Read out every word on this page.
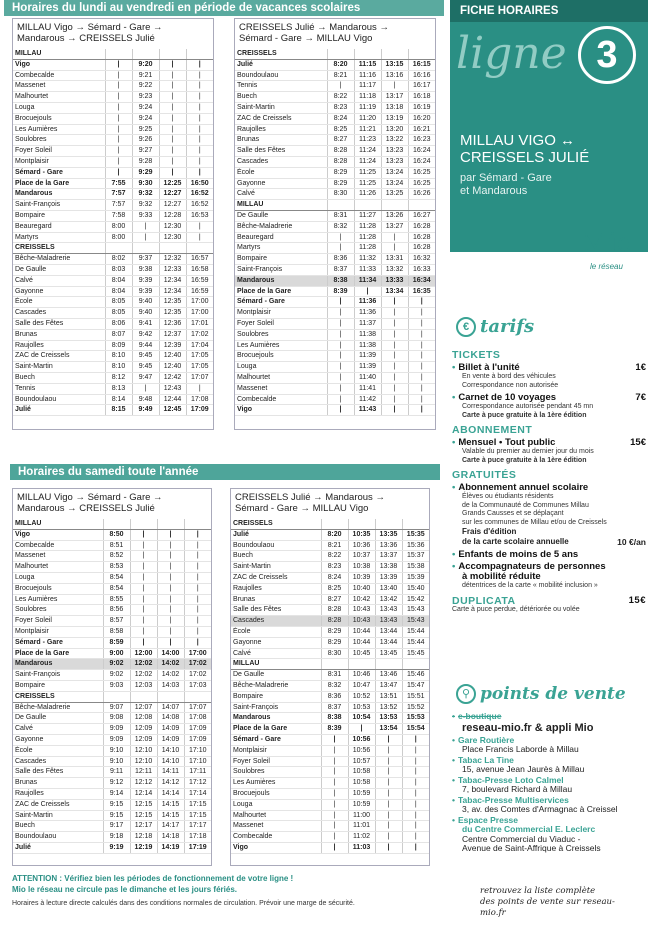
Horaires du lundi au vendredi en période de vacances scolaires
MILLAU Vigo → Sémard - Gare →
Mandarous → CREISSELS Julié
MILLAU				
Vigo	|	9:20	|	|
Combecalde	|	9:21	|	|
Massenet	|	9:22	|	|
Malhourtet	|	9:23	|	|
Louga	|	9:24	|	|
Brocuejouls	|	9:24	|	|
Les Aumières	|	9:25	|	|
Soulobres	|	9:26	|	|
Foyer Soleil	|	9:27	|	|
Montplaisir	|	9:28	|	|
Sémard - Gare	|	9:29	|	|
Place de la Gare	7:55	9:30	12:25	16:50
Mandarous	7:57	9:32	12:27	16:52
Saint-François	7:57	9:32	12:27	16:52
Bompaire	7:58	9:33	12:28	16:53
Beauregard	8:00	|	12:30	|
Martyrs	8:00	|	12:30	|
CREISSELS				
Bêche-Maladrerie	8:02	9:37	12:32	16:57
De Gaulle	8:03	9:38	12:33	16:58
Calvé	8:04	9:39	12:34	16:59
Gayonne	8:04	9:39	12:34	16:59
École	8:05	9:40	12:35	17:00
Cascades	8:05	9:40	12:35	17:00
Salle des Fêtes	8:06	9:41	12:36	17:01
Brunas	8:07	9:42	12:37	17:02
Raujolles	8:09	9:44	12:39	17:04
ZAC de Creissels	8:10	9:45	12:40	17:05
Saint-Martin	8:10	9:45	12:40	17:05
Buech	8:12	9:47	12:42	17:07
Tennis	8:13	|	12:43	|
Boundoulaou	8:14	9:48	12:44	17:08
Julié	8:15	9:49	12:45	17:09
CREISSELS Julié → Mandarous →
Sémard - Gare → MILLAU Vigo
CREISSELS				
Julié	8:20	11:15	13:15	16:15
Boundoulaou	8:21	11:16	13:16	16:16
Tennis	|	11:17	|	16:17
Buech	8:22	11:18	13:17	16:18
Saint-Martin	8:23	11:19	13:18	16:19
ZAC de Creissels	8:24	11:20	13:19	16:20
Raujolles	8:25	11:21	13:20	16:21
Brunas	8:27	11:23	13:22	16:23
Salle des Fêtes	8:28	11:24	13:23	16:24
Cascades	8:28	11:24	13:23	16:24
École	8:29	11:25	13:24	16:25
Gayonne	8:29	11:25	13:24	16:25
Calvé	8:30	11:26	13:25	16:26
MILLAU				
De Gaulle	8:31	11:27	13:26	16:27
Bêche-Maladrerie	8:32	11:28	13:27	16:28
Beauregard	|	11:28	|	16:28
Martyrs	|	11:28	|	16:28
Bompaire	8:36	11:32	13:31	16:32
Saint-François	8:37	11:33	13:32	16:33
Mandarous	8:38	11:34	13:33	16:34
Place de la Gare	8:39	|	13:34	16:35
Sémard - Gare	|	11:36	|	|
Montplaisir	|	11:36	|	|
Foyer Soleil	|	11:37	|	|
Soulobres	|	11:38	|	|
Les Aumières	|	11:38	|	|
Brocuejouls	|	11:39	|	|
Louga	|	11:39	|	|
Malhourtet	|	11:40	|	|
Massenet	|	11:41	|	|
Combecalde	|	11:42	|	|
Vigo	|	11:43	|	|
Horaires du samedi toute l'année
MILLAU Vigo → Sémard - Gare →
Mandarous → CREISSELS Julié
MILLAU				
Vigo	8:50	|	|	|
Combecalde	8:51	|	|	|
Massenet	8:52	|	|	|
Malhourtet	8:53	|	|	|
Louga	8:54	|	|	|
Brocuejouls	8:54	|	|	|
Les Aumières	8:55	|	|	|
Soulobres	8:56	|	|	|
Foyer Soleil	8:57	|	|	|
Montplaisir	8:58	|	|	|
Sémard - Gare	8:59	|	|	|
Place de la Gare	9:00	12:00	14:00	17:00
Mandarous	9:02	12:02	14:02	17:02
Saint-François	9:02	12:02	14:02	17:02
Bompaire	9:03	12:03	14:03	17:03
CREISSELS				
Bêche-Maladrerie	9:07	12:07	14:07	17:07
De Gaulle	9:08	12:08	14:08	17:08
Calvé	9:09	12:09	14:09	17:09
Gayonne	9:09	12:09	14:09	17:09
École	9:10	12:10	14:10	17:10
Cascades	9:10	12:10	14:10	17:10
Salle des Fêtes	9:11	12:11	14:11	17:11
Brunas	9:12	12:12	14:12	17:12
Raujolles	9:14	12:14	14:14	17:14
ZAC de Creissels	9:15	12:15	14:15	17:15
Saint-Martin	9:15	12:15	14:15	17:15
Buech	9:17	12:17	14:17	17:17
Boundoulaou	9:18	12:18	14:18	17:18
Julié	9:19	12:19	14:19	17:19
CREISSELS Julié → Mandarous →
Sémard - Gare → MILLAU Vigo
CREISSELS				
Julié	8:20	10:35	13:35	15:35
Boundoulaou	8:21	10:36	13:36	15:36
Buech	8:22	10:37	13:37	15:37
Saint-Martin	8:23	10:38	13:38	15:38
ZAC de Creissels	8:24	10:39	13:39	15:39
Raujolles	8:25	10:40	13:40	15:40
Brunas	8:27	10:42	13:42	15:42
Salle des Fêtes	8:28	10:43	13:43	15:43
Cascades	8:28	10:43	13:43	15:43
École	8:29	10:44	13:44	15:44
Gayonne	8:29	10:44	13:44	15:44
Calvé	8:30	10:45	13:45	15:45
MILLAU				
De Gaulle	8:31	10:46	13:46	15:46
Bêche-Maladrerie	8:32	10:47	13:47	15:47
Bompaire	8:36	10:52	13:51	15:51
Saint-François	8:37	10:53	13:52	15:52
Mandarous	8:38	10:54	13:53	15:53
Place de la Gare	8:39	|	13:54	15:54
Sémard - Gare	|	10:56	|	|
Montplaisir	|	10:56	|	|
Foyer Soleil	|	10:57	|	|
Soulobres	|	10:58	|	|
Les Aumières	|	10:58	|	|
Brocuejouls	|	10:59	|	|
Louga	|	10:59	|	|
Malhourtet	|	11:00	|	|
Massenet	|	11:01	|	|
Combecalde	|	11:02	|	|
Vigo	|	11:03	|	|
ATTENTION : Vérifiez bien les périodes de fonctionnement de votre ligne !
Mio le réseau ne circule pas le dimanche et les jours fériés.
Horaires à lecture directe calculés dans des conditions normales de circulation. Prévoir une marge de sécurité.
FICHE HORAIRES
ligne 3
MILLAU VIGO ↔
CREISSELS JULIÉ
par Sémard - Gare
et Mandarous
Mio
le réseau
€ tarifs
TICKETS
• Billet à l'unité	1€
En vente à bord des véhicules
Correspondance non autorisée
• Carnet de 10 voyages	7€
Correspondance autorisée pendant 45 mn
Carte à puce gratuite à la 1ère édition
ABONNEMENT
• Mensuel • Tout public	15€
Valable du premier au dernier jour du mois
Carte à puce gratuite à la 1ère édition
GRATUITÉS
• Abonnement annuel scolaire
Élèves ou étudiants résidents
de la Communauté de Communes Millau
Grands Causses et se déplaçant
sur les communes de Millau et/ou de Creissels
Frais d'édition
de la carte scolaire annuelle	10 €/an
• Enfants de moins de 5 ans
• Accompagnateurs de personnes
à mobilité réduite
détentrices de la carte « mobilité inclusion »
DUPLICATA	15€
Carte à puce perdue, détériorée ou volée
⚲ points de vente
• e-boutique
reseau-mio.fr & appli Mio
• Gare Routière
Place Francis Laborde à Millau
• Tabac La Tine
15, avenue Jean Jaurès à Millau
• Tabac-Presse Loto Calmel
7, boulevard Richard à Millau
• Tabac-Presse Multiservices
3, av. des Comtes d'Armagnac à Creissel
• Espace Presse
du Centre Commercial E. Leclerc
Centre Commercial du Viaduc -
Avenue de Saint-Affrique à Creissels
retrouvez la liste complète
des points de vente sur reseau-mio.fr
